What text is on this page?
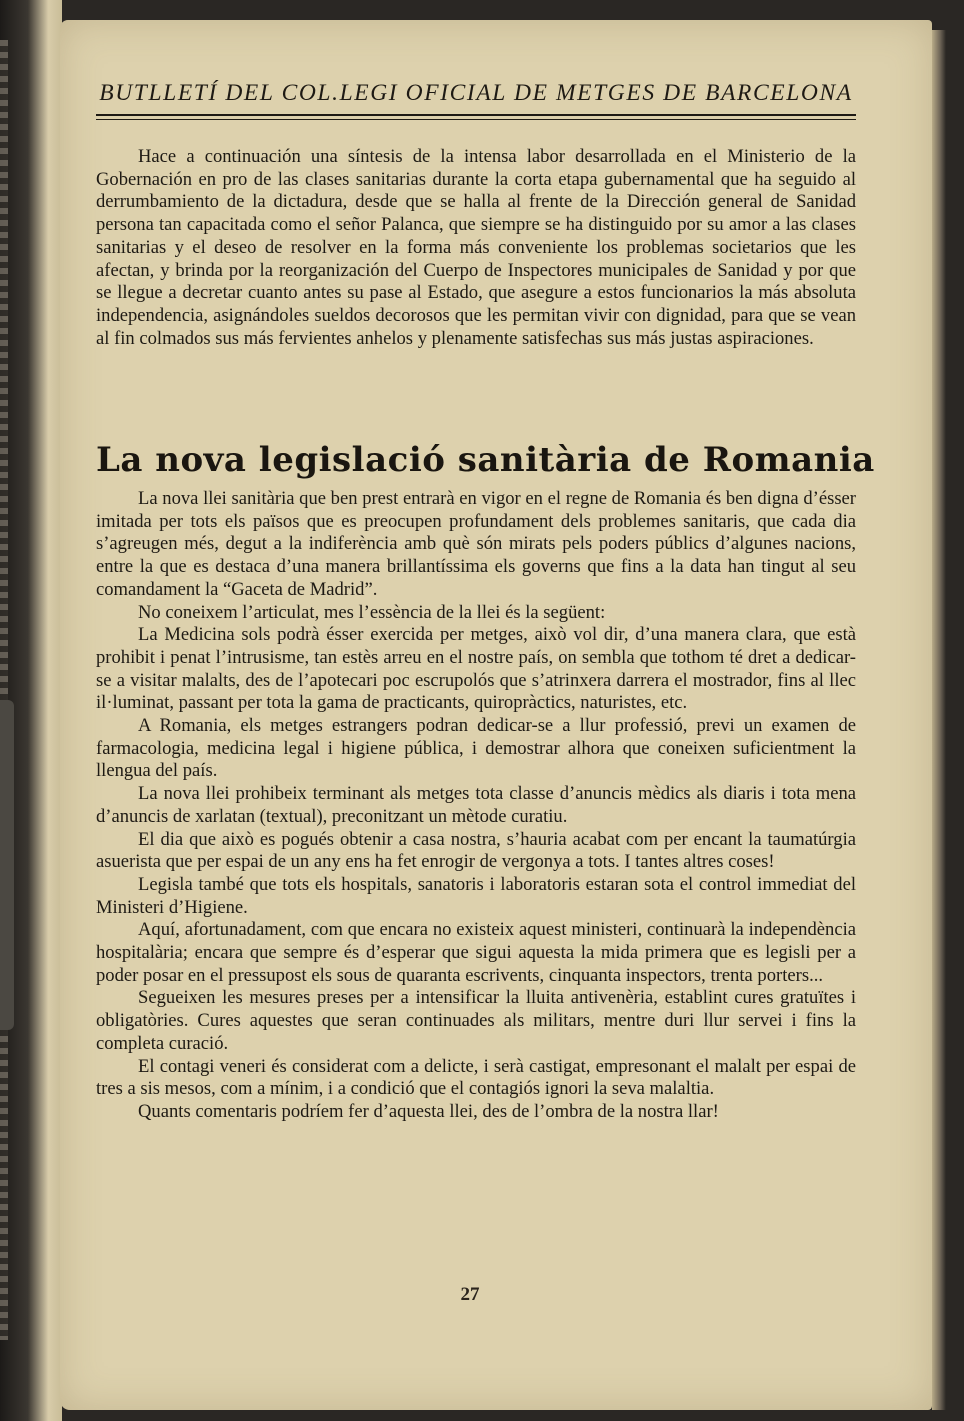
BUTLLETÍ DEL COL.LEGI OFICIAL DE METGES DE BARCELONA

Hace a continuación una síntesis de la intensa labor desarrollada en el Ministerio de la Gobernación en pro de las clases sanitarias durante la corta etapa gubernamental que ha seguido al derrumbamiento de la dictadura, desde que se halla al frente de la Dirección general de Sanidad persona tan capacitada como el señor Palanca, que siempre se ha distinguido por su amor a las clases sanitarias y el deseo de resolver en la forma más conveniente los problemas societarios que les afectan, y brinda por la reorganización del Cuerpo de Inspectores municipales de Sanidad y por que se llegue a decretar cuanto antes su pase al Estado, que asegure a estos funcionarios la más absoluta independencia, asignándoles sueldos decorosos que les permitan vivir con dignidad, para que se vean al fin colmados sus más fervientes anhelos y plenamente satisfechas sus más justas aspiraciones.

La nova legislació sanitària de Romania

La nova llei sanitària que ben prest entrarà en vigor en el regne de Romania és ben digna d’ésser imitada per tots els països que es preocupen profundament dels problemes sanitaris, que cada dia s’agreugen més, degut a la indiferència amb què són mirats pels poders públics d’algunes nacions, entre la que es destaca d’una manera brillantíssima els governs que fins a la data han tingut al seu comandament la “Gaceta de Madrid”.

No coneixem l’articulat, mes l’essència de la llei és la següent:

La Medicina sols podrà ésser exercida per metges, això vol dir, d’una manera clara, que està prohibit i penat l’intrusisme, tan estès arreu en el nostre país, on sembla que tothom té dret a dedicar-se a visitar malalts, des de l’apotecari poc escrupolós que s’atrinxera darrera el mostrador, fins al llec il·luminat, passant per tota la gama de practicants, quiropràctics, naturistes, etc.

A Romania, els metges estrangers podran dedicar-se a llur professió, previ un examen de farmacologia, medicina legal i higiene pública, i demostrar alhora que coneixen suficientment la llengua del país.

La nova llei prohibeix terminant als metges tota classe d’anuncis mèdics als diaris i tota mena d’anuncis de xarlatan (textual), preconitzant un mètode curatiu.

El dia que això es pogués obtenir a casa nostra, s’hauria acabat com per encant la taumatúrgia asuerista que per espai de un any ens ha fet enrogir de vergonya a tots. I tantes altres coses!

Legisla també que tots els hospitals, sanatoris i laboratoris estaran sota el control immediat del Ministeri d’Higiene.

Aquí, afortunadament, com que encara no existeix aquest ministeri, continuarà la independència hospitalària; encara que sempre és d’esperar que sigui aquesta la mida primera que es legisli per a poder posar en el pressupost els sous de quaranta escrivents, cinquanta inspectors, trenta porters...

Segueixen les mesures preses per a intensificar la lluita antivenèria, establint cures gratuïtes i obligatòries. Cures aquestes que seran continuades als militars, mentre duri llur servei i fins la completa curació.

El contagi veneri és considerat com a delicte, i serà castigat, empresonant el malalt per espai de tres a sis mesos, com a mínim, i a condició que el contagiós ignori la seva malaltia.

Quants comentaris podríem fer d’aquesta llei, des de l’ombra de la nostra llar!

27
